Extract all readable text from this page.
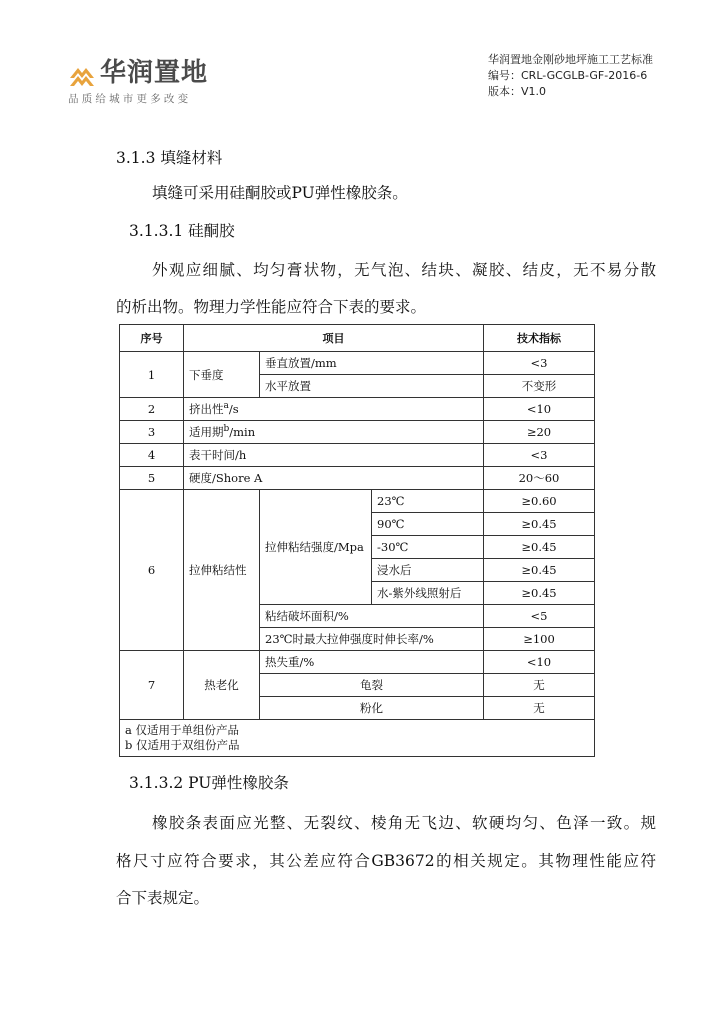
华润置地
品质给城市更多改变
华润置地金刚砂地坪施工工艺标准
编号：CRL-GCGLB-GF-2016-6
版本：V1.0
3.1.3 填缝材料
填缝可采用硅酮胶或PU弹性橡胶条。
3.1.3.1 硅酮胶
外观应细腻、均匀膏状物，无气泡、结块、凝胶、结皮，无不易分散
的析出物。物理力学性能应符合下表的要求。
序号	项目			技术指标
1	下垂度	垂直放置/mm		<3
		水平放置		不变形
2	挤出性$^a$/s			<10
3	适用期$^b$/min			≥20
4	表干时间/h			<3
5	硬度/Shore A			20～60
6	拉伸粘结性	拉伸粘结强度/Mpa	23℃	≥0.60
			90℃	≥0.45
			-30℃	≥0.45
			浸水后	≥0.45
			水-紫外线照射后	≥0.45
		粘结破坏面积/%		<5
		23℃时最大拉伸强度时伸长率/%		≥100
7	热老化	热失重/%		<10
		龟裂		无
		粉化		无

a 仅适用于单组份产品
b 仅适用于双组份产品				
3.1.3.2 PU弹性橡胶条
橡胶条表面应光整、无裂纹、棱角无飞边、软硬均匀、色泽一致。规
格尺寸应符合要求，其公差应符合GB3672的相关规定。其物理性能应符
合下表规定。
